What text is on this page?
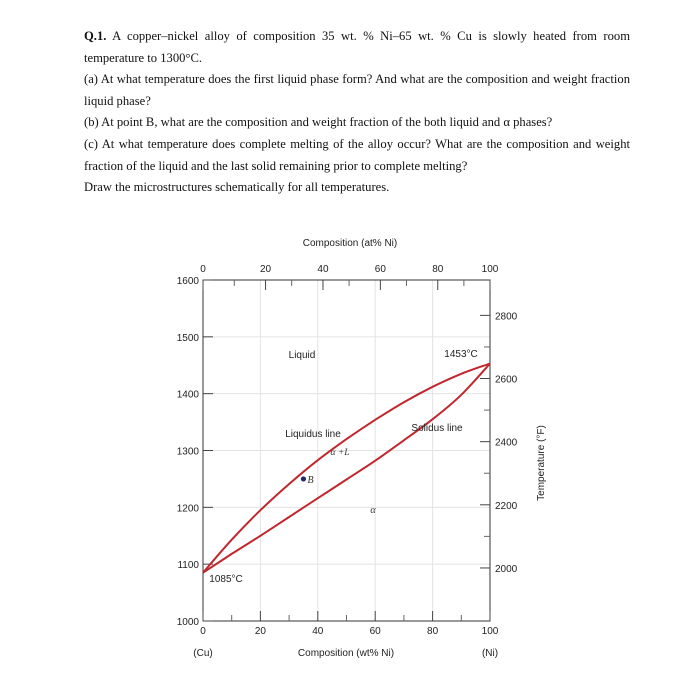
Q.1. A copper–nickel alloy of composition 35 wt. % Ni–65 wt. % Cu is slowly heated from room

temperature to 1300°C.

(a) At what temperature does the first liquid phase form? And what are the composition and weight fraction

liquid phase?

(b) At point B, what are the composition and weight fraction of the both liquid and α phases?

(c) At what temperature does complete melting of the alloy occur? What are the composition and weight

fraction of the liquid and the last solid remaining prior to complete melting?

Draw the microstructures schematically for all temperatures.

0	20	40	60	80	100
0	20	40	60	80	100
1000
1100
1200
1300
1400
1500
1600
2000
2200
2400
2600
2800
Composition (at% Ni)
Composition (wt% Ni)
(Cu)	(Ni)
Temperature (°F)
B
Liquid
Liquidus line
Solidus line
α +L
α
1453°C
1085°C
